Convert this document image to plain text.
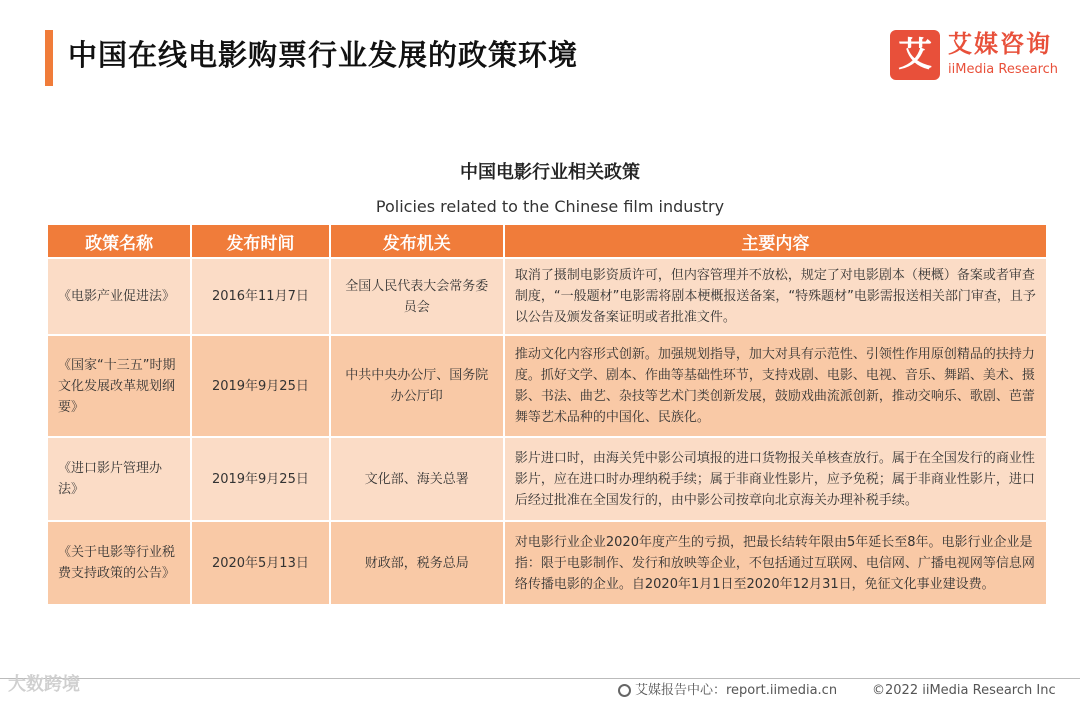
中国在线电影购票行业发展的政策环境	艾 艾媒咨询
iiMedia Research
中国电影行业相关政策
Policies related to the Chinese film industry
政策名称	发布时间	发布机关	主要内容
《电影产业促进法》	2016年11月7日	全国人民代表大会常务委员会	取消了摄制电影资质许可，但内容管理并不放松，规定了对电影剧本（梗概）备案或者审查制度，“一般题材”电影需将剧本梗概报送备案，“特殊题材”电影需报送相关部门审查，且予以公告及颁发备案证明或者批准文件。
《国家“十三五”时期文化发展改革规划纲要》	2019年9月25日	中共中央办公厅、国务院办公厅印	推动文化内容形式创新。加强规划指导，加大对具有示范性、引领性作用原创精品的扶持力度。抓好文学、剧本、作曲等基础性环节，支持戏剧、电影、电视、音乐、舞蹈、美术、摄影、书法、曲艺、杂技等艺术门类创新发展，鼓励戏曲流派创新，推动交响乐、歌剧、芭蕾舞等艺术品种的中国化、民族化。
《进口影片管理办法》	2019年9月25日	文化部、海关总署	影片进口时，由海关凭中影公司填报的进口货物报关单核查放行。属于在全国发行的商业性影片，应在进口时办理纳税手续；属于非商业性影片，应予免税；属于非商业性影片，进口后经过批准在全国发行的，由中影公司按章向北京海关办理补税手续。
《关于电影等行业税费支持政策的公告》	2020年5月13日	财政部，税务总局	对电影行业企业2020年度产生的亏损，把最长结转年限由5年延长至8年。电影行业企业是指：限于电影制作、发行和放映等企业，不包括通过互联网、电信网、广播电视网等信息网络传播电影的企业。自2020年1月1日至2020年12月31日，免征文化事业建设费。
大数跨境	艾媒报告中心：report.iimedia.cn	©2022 iiMedia Research Inc
